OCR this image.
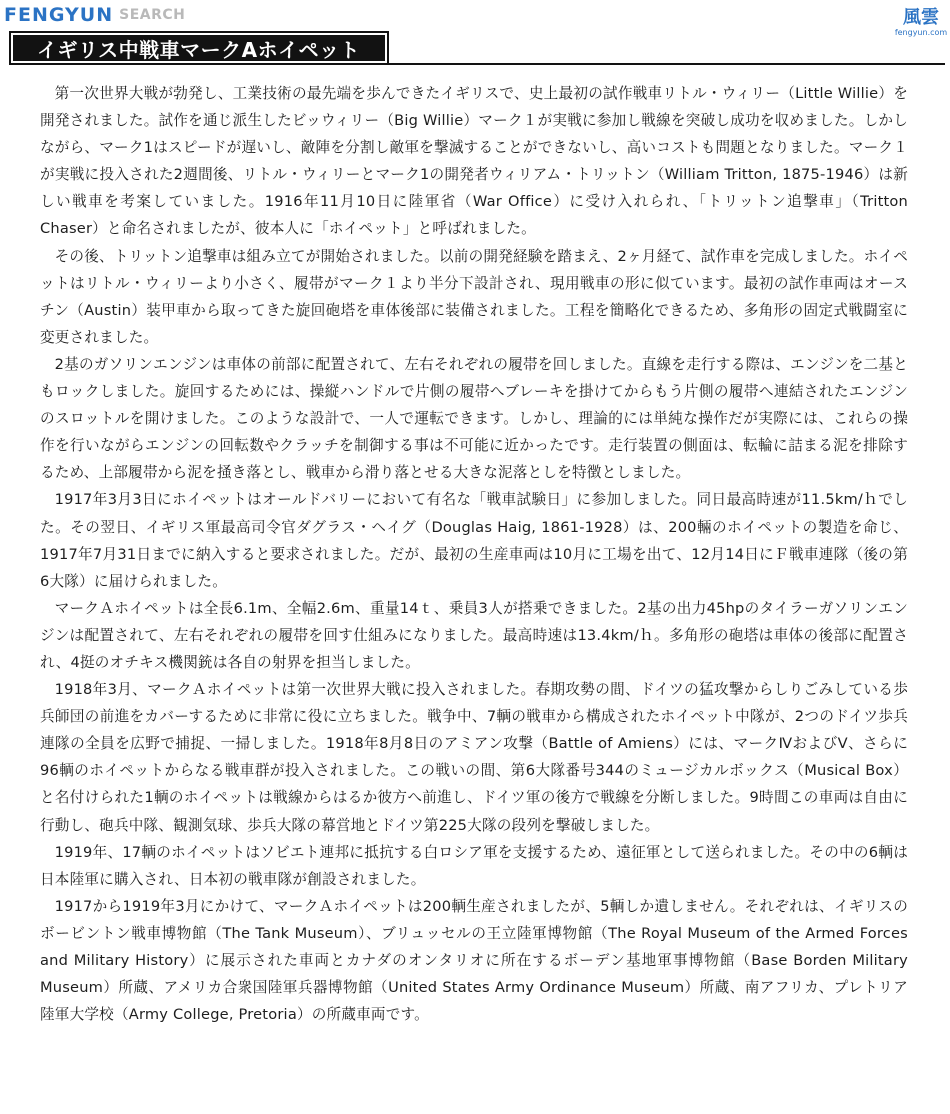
FENGYUN SEARCH	風雲
fengyun.com
イギリス中戦車マークAホイペット

第一次世界大戦が勃発し、工業技術の最先端を歩んできたイギリスで、史上最初の試作戦車リトル・ウィリー（Little Willie）を開発されました。試作を通じ派生したビッウィリー（Big Willie）マーク１が実戦に参加し戦線を突破し成功を収めました。しかしながら、マーク1はスピードが遅いし、敵陣を分割し敵軍を撃滅することができないし、高いコストも問題となりました。マーク１が実戦に投入された2週間後、リトル・ウィリーとマーク1の開発者ウィリアム・トリットン（William Tritton, 1875-1946）は新しい戦車を考案していました。1916年11月10日に陸軍省（War Office）に受け入れられ、「トリットン追撃車」（Tritton Chaser）と命名されましたが、彼本人に「ホイペット」と呼ばれました。

その後、トリットン追撃車は組み立てが開始されました。以前の開発経験を踏まえ、2ヶ月経て、試作車を完成しました。ホイペットはリトル・ウィリーより小さく、履帯がマーク１より半分下設計され、現用戦車の形に似ています。最初の試作車両はオースチン（Austin）装甲車から取ってきた旋回砲塔を車体後部に装備されました。工程を簡略化できるため、多角形の固定式戦闘室に変更されました。

2基のガソリンエンジンは車体の前部に配置されて、左右それぞれの履帯を回しました。直線を走行する際は、エンジンを二基ともロックしました。旋回するためには、操縦ハンドルで片側の履帯へブレーキを掛けてからもう片側の履帯へ連結されたエンジンのスロットルを開けました。このような設計で、一人で運転できます。しかし、理論的には単純な操作だが実際には、これらの操作を行いながらエンジンの回転数やクラッチを制御する事は不可能に近かったです。走行装置の側面は、転輪に詰まる泥を排除するため、上部履帯から泥を掻き落とし、戦車から滑り落とせる大きな泥落としを特徴としました。

1917年3月3日にホイペットはオールドバリーにおいて有名な「戦車試験日」に参加しました。同日最高時速が11.5km/ｈでした。その翌日、イギリス軍最高司令官ダグラス・ヘイグ（Douglas Haig, 1861-1928）は、200輛のホイペットの製造を命じ、1917年7月31日までに納入すると要求されました。だが、最初の生産車両は10月に工場を出て、12月14日にＦ戦車連隊（後の第6大隊）に届けられました。

マークＡホイペットは全長6.1m、全幅2.6m、重量14ｔ、乗員3人が搭乗できました。2基の出力45hpのタイラーガソリンエンジンは配置されて、左右それぞれの履帯を回す仕組みになりました。最高時速は13.4km/ｈ。多角形の砲塔は車体の後部に配置され、4挺のオチキス機関銃は各自の射界を担当しました。

1918年3月、マークＡホイペットは第一次世界大戦に投入されました。春期攻勢の間、ドイツの猛攻撃からしりごみしている歩兵師団の前進をカバーするために非常に役に立ちました。戦争中、7輌の戦車から構成されたホイペット中隊が、2つのドイツ歩兵連隊の全員を広野で捕捉、一掃しました。1918年8月8日のアミアン攻撃（Battle of Amiens）には、マークⅣおよびⅤ、さらに96輌のホイペットからなる戦車群が投入されました。この戦いの間、第6大隊番号344のミュージカルボックス（Musical Box）と名付けられた1輌のホイペットは戦線からはるか彼方へ前進し、ドイツ軍の後方で戦線を分断しました。9時間この車両は自由に行動し、砲兵中隊、観測気球、歩兵大隊の幕営地とドイツ第225大隊の段列を撃破しました。

1919年、17輌のホイペットはソビエト連邦に抵抗する白ロシア軍を支援するため、遠征軍として送られました。その中の6輌は日本陸軍に購入され、日本初の戦車隊が創設されました。

1917から1919年3月にかけて、マークＡホイペットは200輌生産されましたが、5輌しか遺しません。それぞれは、イギリスのボービントン戦車博物館（The Tank Museum）、ブリュッセルの王立陸軍博物館（The Royal Museum of the Armed Forces and Military History）に展示された車両とカナダのオンタリオに所在するボーデン基地軍事博物館（Base Borden Military Museum）所蔵、アメリカ合衆国陸軍兵器博物館（United States Army Ordinance Museum）所蔵、南アフリカ、プレトリア陸軍大学校（Army College, Pretoria）の所蔵車両です。
